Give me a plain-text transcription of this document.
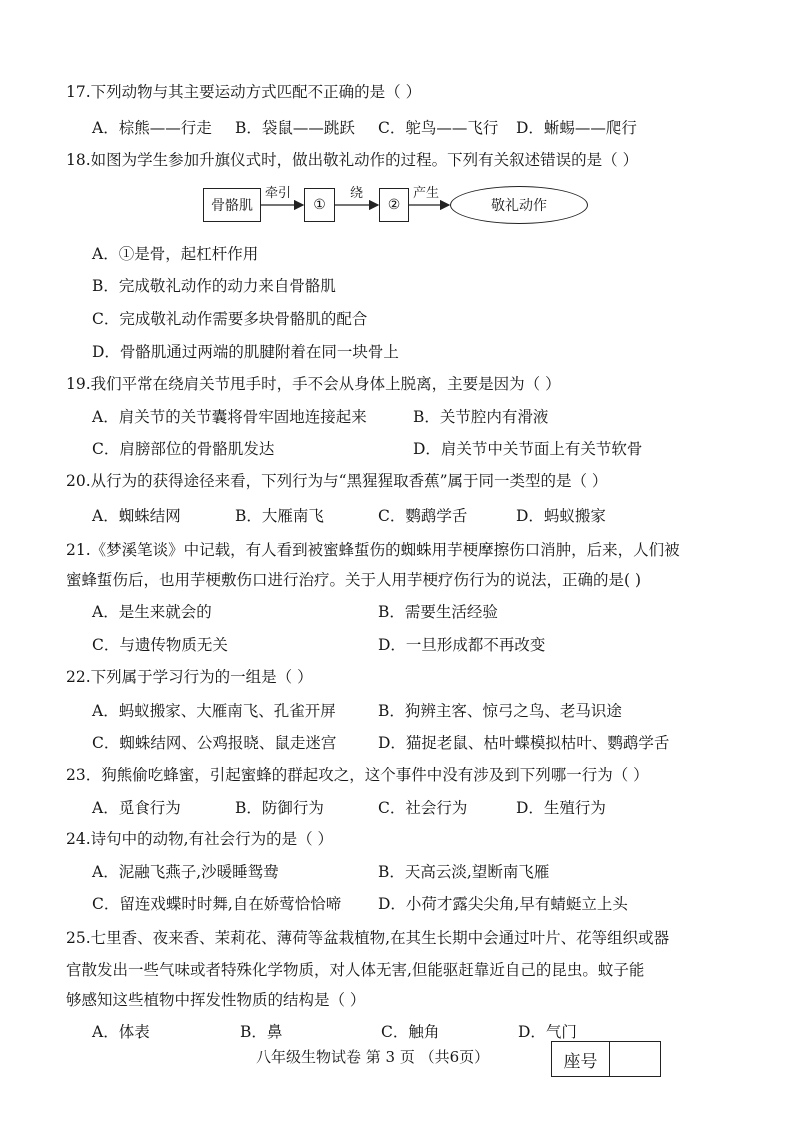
17.下列动物与其主要运动方式匹配不正确的是（ ）
A．棕熊——行走 B．袋鼠——跳跃 C．鸵鸟——飞行 D．蜥蜴——爬行
18.如图为学生参加升旗仪式时，做出敬礼动作的过程。下列有关叙述错误的是（ ）
骨骼肌
牵引
①
绕
②
产生
敬礼动作
A．①是骨，起杠杆作用
B．完成敬礼动作的动力来自骨骼肌
C．完成敬礼动作需要多块骨骼肌的配合
D．骨骼肌通过两端的肌腱附着在同一块骨上
19.我们平常在绕肩关节甩手时，手不会从身体上脱离，主要是因为（ ）
A．肩关节的关节囊将骨牢固地连接起来	B．关节腔内有滑液
C．肩膀部位的骨骼肌发达	D．肩关节中关节面上有关节软骨
20.从行为的获得途径来看，下列行为与“黑猩猩取香蕉”属于同一类型的是（ ）
A．蜘蛛结网	B．大雁南飞	C．鹦鹉学舌	D．蚂蚁搬家
21.《梦溪笔谈》中记载，有人看到被蜜蜂蜇伤的蜘蛛用芋梗摩擦伤口消肿，后来，人们被
蜜蜂蜇伤后，也用芋梗敷伤口进行治疗。关于人用芋梗疗伤行为的说法，正确的是( )
A．是生来就会的	B．需要生活经验
C．与遗传物质无关	D．一旦形成都不再改变
22.下列属于学习行为的一组是（ ）
A．蚂蚁搬家、大雁南飞、孔雀开屏	B．狗辨主客、惊弓之鸟、老马识途
C．蜘蛛结网、公鸡报晓、鼠走迷宫	D．猫捉老鼠、枯叶蝶模拟枯叶、鹦鹉学舌
23．狗熊偷吃蜂蜜，引起蜜蜂的群起攻之，这个事件中没有涉及到下列哪一行为（ ）
A．觅食行为	B．防御行为	C．社会行为	D．生殖行为
24.诗句中的动物,有社会行为的是（ ）
A．泥融飞燕子,沙暖睡鸳鸯	B．天高云淡,望断南飞雁
C．留连戏蝶时时舞,自在娇莺恰恰啼 D．小荷才露尖尖角,早有蜻蜓立上头
25.七里香、夜来香、茉莉花、薄荷等盆栽植物,在其生长期中会通过叶片、花等组织或器
官散发出一些气味或者特殊化学物质，对人体无害,但能驱赶靠近自己的昆虫。蚊子能
够感知这些植物中挥发性物质的结构是（ ）
A．体表	B．鼻	C．触角	D．气门
八年级生物试卷 第 3 页 （共6页）	座号
